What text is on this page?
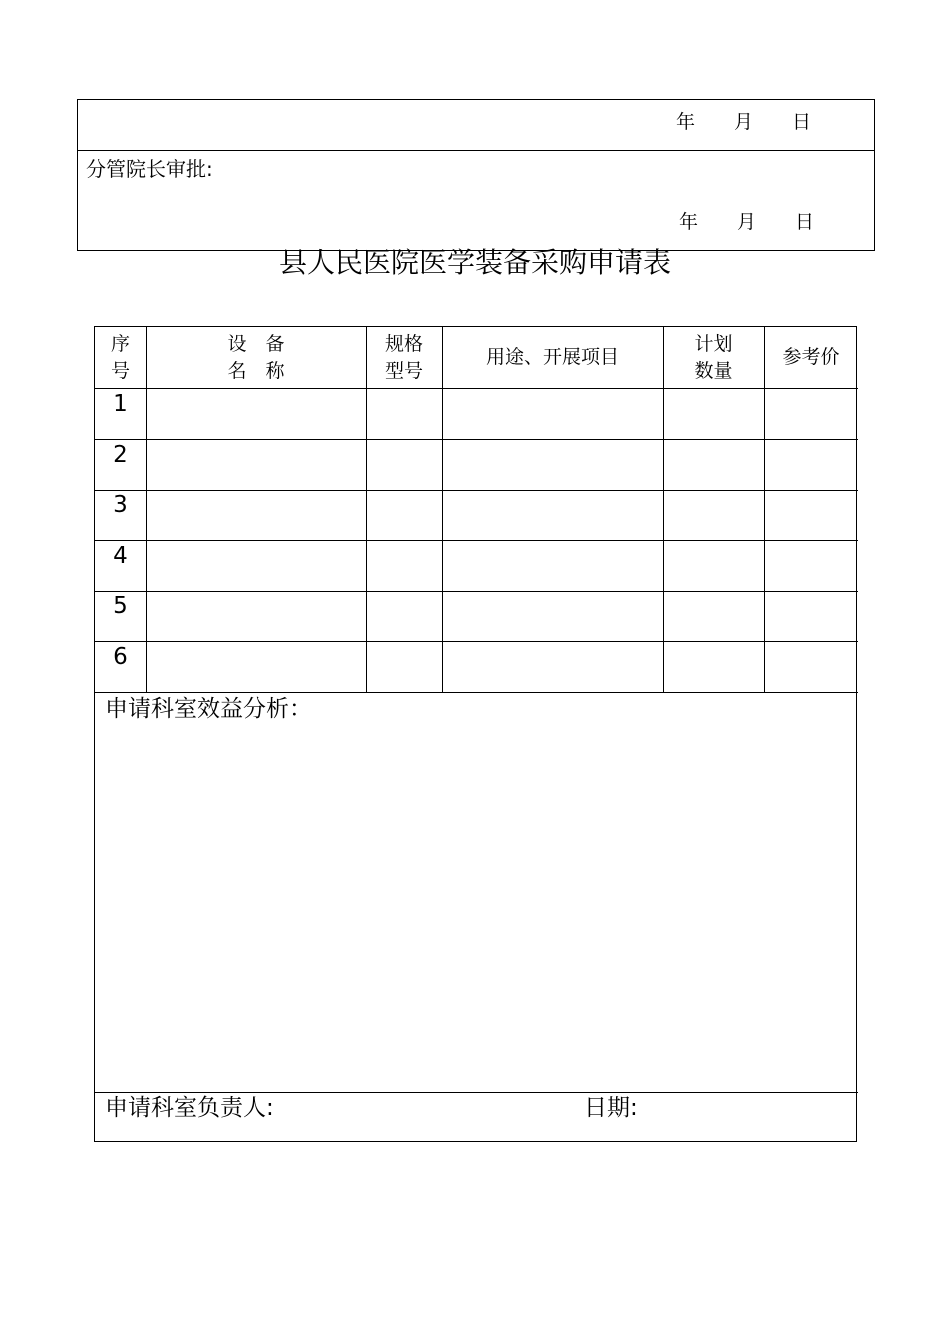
年 月 日
分管院长审批:
年 月 日
县人民医院医学装备采购申请表
序
号
设　备
名　称
规格
型号
用途、开展项目
计划
数量
参考价
1
2
3
4
5
6
申请科室效益分析：
申请科室负责人:	日期:
